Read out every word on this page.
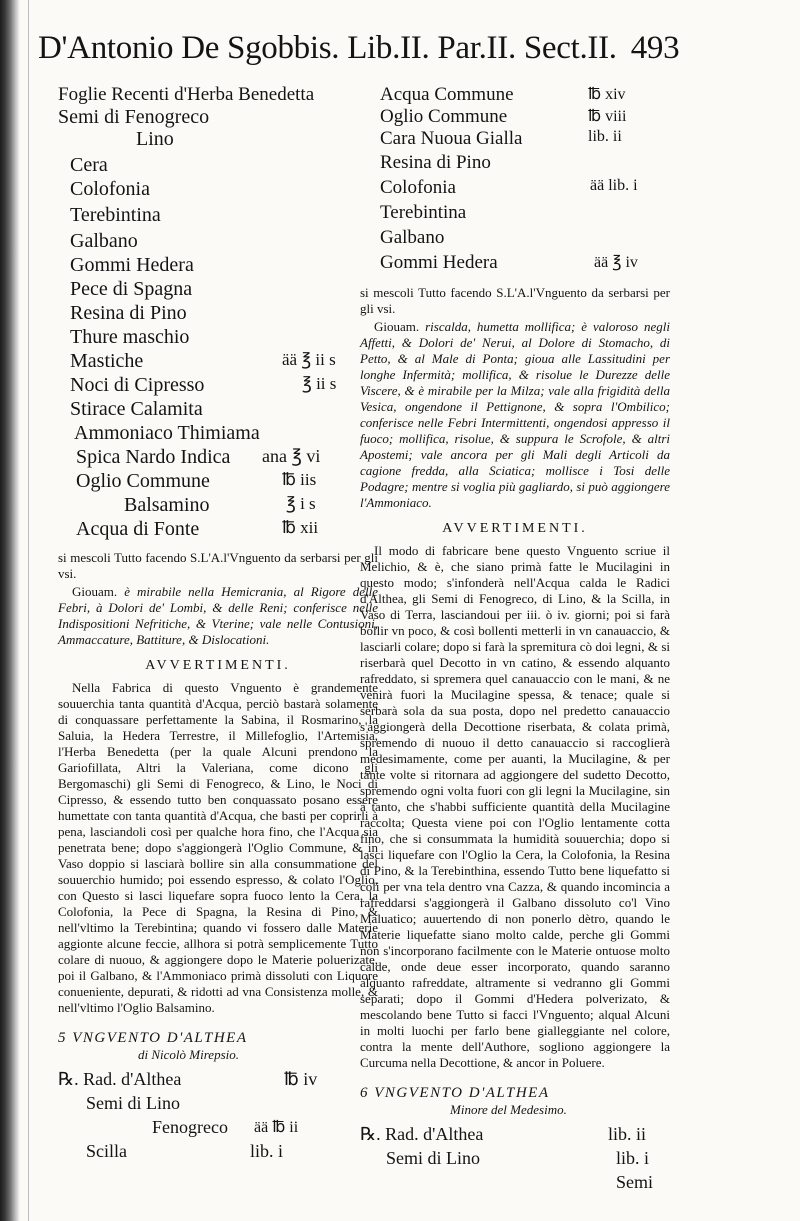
D'Antonio De Sgobbis. Lib.II. Par.II. Sect.II. 493
Foglie Recenti d'Herba Benedetta
Semi di Fenogreco
Lino
Cera
Colofonia
Terebintina
Galbano
Gommi Hedera
Pece di Spagna
Resina di Pino
Thure maschio
Mastiche	ää ℥ ii s
Noci di Cipresso	℥ ii s
Stirace Calamita
Ammoniaco Thimiama
Spica Nardo Indica ana ℥ vi
Oglio Commune	℔ iis
Balsamino	℥ i s
Acqua di Fonte	℔ xii
si mescoli Tutto facendo S.L'A.l'Vnguento da serbarsi per gli vsi.
Giouam. è mirabile nella Hemicrania, al Rigore delle Febri, à Dolori de' Lombi, & delle Reni; conferisce nelle Indispositioni Nefritiche, & Vterine; vale nelle Contusioni, Ammaccature, Battiture, & Dislocationi.
AVVERTIMENTI.
Nella Fabrica di questo Vnguento è grandemente souuerchia tanta quantità d'Acqua, perciò bastarà solamente di conquassare perfettamente la Sabina, il Rosmarino, la Saluia, la Hedera Terrestre, il Millefoglio, l'Artemisia, l'Herba Benedetta (per la quale Alcuni prendono la Gariofillata, Altri la Valeriana, come dicono gli Bergomaschi) gli Semi di Fenogreco, & Lino, le Noci di Cipresso, & essendo tutto ben conquassato posano essere humettate con tanta quantità d'Acqua, che basti per coprirli à pena, lasciandoli così per qualche hora fino, che l'Acqua sia penetrata bene; dopo s'aggiongerà l'Oglio Commune, & in Vaso doppio si lasciarà bollire sin alla consummatione del souuerchio humido; poi essendo espresso, & colato l'Oglio, con Questo si lasci liquefare sopra fuoco lento la Cera, la Colofonia, la Pece di Spagna, la Resina di Pino, & nell'vltimo la Terebintina; quando vi fossero dalle Materie aggionte alcune feccie, allhora si potrà semplicemente Tutto colare di nuouo, & aggiongere dopo le Materie poluerizate, poi il Galbano, & l'Ammoniaco primà dissoluti con Liquore conueniente, depurati, & ridotti ad vna Consistenza molle, & nell'vltimo l'Oglio Balsamino.
5 VNGVENTO D'ALTHEA
di Nicolò Mirepsio.
℞. Rad. d'Althea	℔ iv
Semi di Lino
Fenogreco ää ℔ ii
Scilla	lib. i
Acqua Commune	℔ xiv
Oglio Commune	℔ viii
Cara Nuoua Gialla	lib. ii
Resina di Pino
Colofonia	ää lib. i
Terebintina
Galbano
Gommi Hedera	ää ℥ iv
si mescoli Tutto facendo S.L'A.l'Vnguento da serbarsi per gli vsi.
Giouam. riscalda, humetta mollifica; è valoroso negli Affetti, & Dolori de' Nerui, al Dolore di Stomacho, di Petto, & al Male di Ponta; gioua alle Lassitudini per longhe Infermità; mollifica, & risolue le Durezze delle Viscere, & è mirabile per la Milza; vale alla frigidità della Vesica, ongendone il Pettignone, & sopra l'Ombilico; conferisce nelle Febri Intermittenti, ongendosi appresso il fuoco; mollifica, risolue, & suppura le Scrofole, & altri Apostemi; vale ancora per gli Mali degli Articoli da cagione fredda, alla Sciatica; mollisce i Tosi delle Podagre; mentre si voglia più gagliardo, si può aggiongere l'Ammoniaco.
AVVERTIMENTI.
Il modo di fabricare bene questo Vnguento scriue il Melichio, & è, che siano primà fatte le Mucilagini in questo modo; s'infonderà nell'Acqua calda le Radici d'Althea, gli Semi di Fenogreco, di Lino, & la Scilla, in Vaso di Terra, lasciandoui per iii. ò iv. giorni; poi si farà bollir vn poco, & così bollenti metterli in vn canauaccio, & lasciarli colare; dopo si farà la spremitura cò doi legni, & si riserbarà quel Decotto in vn catino, & essendo alquanto rafreddato, si spremera quel canauaccio con le mani, & ne venirà fuori la Mucilagine spessa, & tenace; quale si serbarà sola da sua posta, dopo nel predetto canauaccio s'aggiongerà della Decottione riserbata, & colata primà, spremendo di nuouo il detto canauaccio si raccoglierà medesimamente, come per auanti, la Mucilagine, & per tante volte si ritornara ad aggiongere del sudetto Decotto, spremendo ogni volta fuori con gli legni la Mucilagine, sin à tanto, che s'habbi sufficiente quantità della Mucilagine raccolta; Questa viene poi con l'Oglio lentamente cotta fino, che si consummata la humidità souuerchia; dopo si lasci liquefare con l'Oglio la Cera, la Colofonia, la Resina di Pino, & la Terebinthina, essendo Tutto bene liquefatto si coli per vna tela dentro vna Cazza, & quando incomincia a rafreddarsi s'aggiongerà il Galbano dissoluto co'l Vino Maluatico; auuertendo di non ponerlo dètro, quando le Materie liquefatte siano molto calde, perche gli Gommi non s'incorporano facilmente con le Materie ontuose molto calde, onde deue esser incorporato, quando saranno alquanto rafreddate, altramente si vedranno gli Gommi separati; dopo il Gommi d'Hedera polverizato, & mescolando bene Tutto si facci l'Vnguento; alqual Alcuni in molti luochi per farlo bene gialleggiante nel colore, contra la mente dell'Authore, sogliono aggiongere la Curcuma nella Decottione, & ancor in Poluere.
6 VNGVENTO D'ALTHEA
Minore del Medesimo.
℞. Rad. d'Althea	lib. ii
Semi di Lino	lib. i
Semi
